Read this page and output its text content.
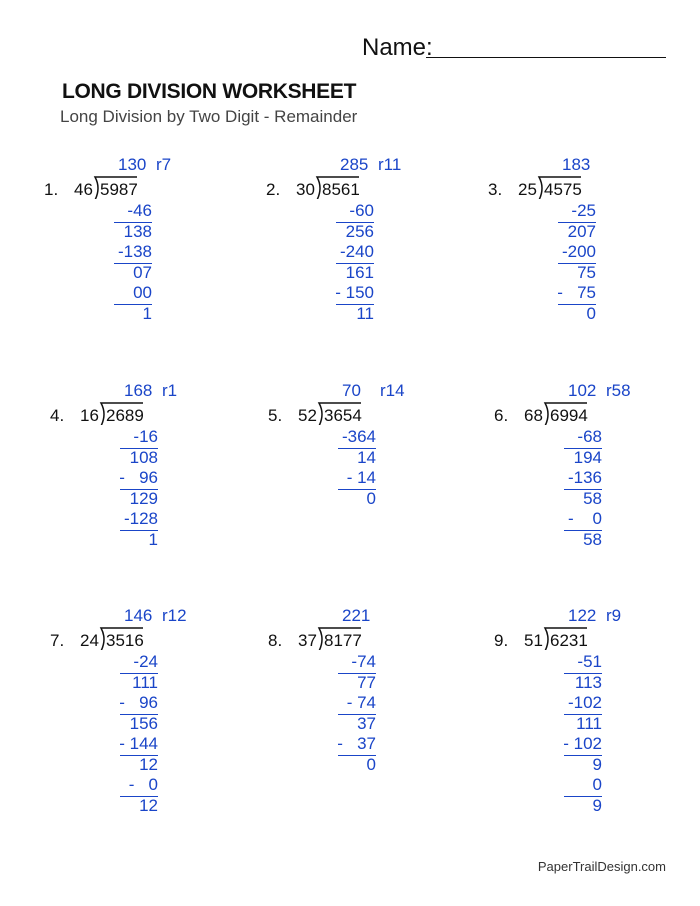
Name:
LONG DIVISION WORKSHEET
Long Division by Two Digit - Remainder
1. 46 5987
130 r7
-46
138
-138
07
00
1
2. 30 8561
285 r11
-60
256
-240
161
- 150
11
3. 25 4575
183
-25
207
-200
75
-   75
0
4. 16 2689
168 r1
-16
108
-   96
129
-128
1
5. 52 3654
70 r14
-364
14
- 14
0
6. 68 6994
102 r58
-68
194
-136
58
-    0
58
7. 24 3516
146 r12
-24
111
-   96
156
- 144
12
-   0
12
8. 37 8177
221
-74
77
- 74
37
-   37
0
9. 51 6231
122 r9
-51
113
-102
111
- 102
9
0
9
PaperTrailDesign.com
